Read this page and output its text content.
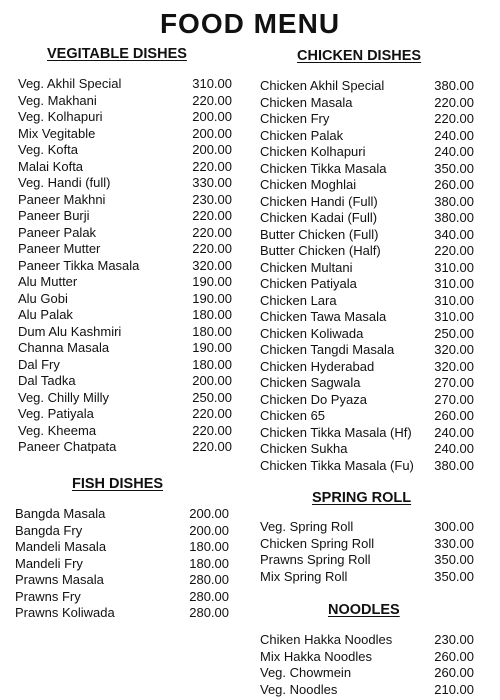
FOOD MENU
VEGITABLE DISHES
Veg. Akhil Special	310.00
Veg. Makhani	220.00
Veg. Kolhapuri	200.00
Mix Vegitable	200.00
Veg. Kofta	200.00
Malai Kofta	220.00
Veg. Handi (full)	330.00
Paneer Makhni	230.00
Paneer Burji	220.00
Paneer Palak	220.00
Paneer Mutter	220.00
Paneer Tikka Masala	320.00
Alu Mutter	190.00
Alu Gobi	190.00
Alu Palak	180.00
Dum Alu Kashmiri	180.00
Channa Masala	190.00
Dal Fry	180.00
Dal Tadka	200.00
Veg. Chilly Milly	250.00
Veg. Patiyala	220.00
Veg. Kheema	220.00
Paneer Chatpata	220.00
CHICKEN DISHES
Chicken Akhil Special	380.00
Chicken Masala	220.00
Chicken Fry	220.00
Chicken Palak	240.00
Chicken Kolhapuri	240.00
Chicken Tikka Masala	350.00
Chicken Moghlai	260.00
Chicken Handi (Full)	380.00
Chicken Kadai (Full)	380.00
Butter Chicken (Full)	340.00
Butter Chicken (Half)	220.00
Chicken Multani	310.00
Chicken Patiyala	310.00
Chicken Lara	310.00
Chicken Tawa Masala	310.00
Chicken Koliwada	250.00
Chicken Tangdi Masala	320.00
Chicken Hyderabad	320.00
Chicken Sagwala	270.00
Chicken Do Pyaza	270.00
Chicken 65	260.00
Chicken Tikka Masala (Hf) 240.00
Chicken Sukha	240.00
Chicken Tikka Masala (Fu) 380.00
FISH DISHES
Bangda Masala	200.00
Bangda Fry	200.00
Mandeli Masala	180.00
Mandeli Fry	180.00
Prawns Masala	280.00
Prawns Fry	280.00
Prawns Koliwada	280.00
SPRING ROLL
Veg. Spring Roll	300.00
Chicken Spring Roll	330.00
Prawns Spring Roll	350.00
Mix Spring Roll	350.00
NOODLES
Chiken Hakka Noodles	230.00
Mix Hakka Noodles	260.00
Veg. Chowmein	260.00
Veg. Noodles	210.00
